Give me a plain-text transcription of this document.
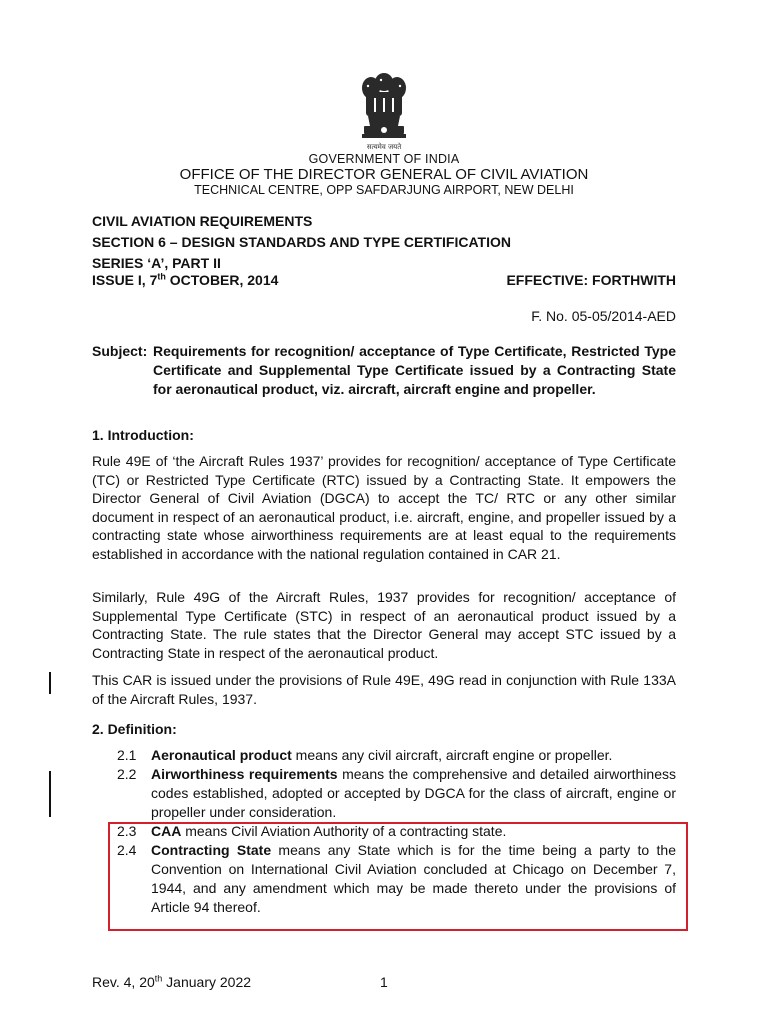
सत्यमेव जयते
GOVERNMENT OF INDIA
OFFICE OF THE DIRECTOR GENERAL OF CIVIL AVIATION
TECHNICAL CENTRE, OPP SAFDARJUNG AIRPORT, NEW DELHI
CIVIL AVIATION REQUIREMENTS
SECTION 6 – DESIGN STANDARDS AND TYPE CERTIFICATION
SERIES ‘A’, PART II
ISSUE I, 7th OCTOBER, 2014	EFFECTIVE: FORTHWITH
F. No. 05-05/2014-AED
Subject: Requirements for recognition/ acceptance of Type Certificate, Restricted Type Certificate and Supplemental Type Certificate issued by a Contracting State for aeronautical product, viz. aircraft, aircraft engine and propeller.
1. Introduction:
Rule 49E of ‘the Aircraft Rules 1937’ provides for recognition/ acceptance of Type Certificate (TC) or Restricted Type Certificate (RTC) issued by a Contracting State. It empowers the Director General of Civil Aviation (DGCA) to accept the TC/ RTC or any other similar document in respect of an aeronautical product, i.e. aircraft, engine, and propeller issued by a contracting state whose airworthiness requirements are at least equal to the requirements established in accordance with the national regulation contained in CAR 21.
Similarly, Rule 49G of the Aircraft Rules, 1937 provides for recognition/ acceptance of Supplemental Type Certificate (STC) in respect of an aeronautical product issued by a Contracting State. The rule states that the Director General may accept STC issued by a Contracting State in respect of the aeronautical product.
This CAR is issued under the provisions of Rule 49E, 49G read in conjunction with Rule 133A of the Aircraft Rules, 1937.
2. Definition:
2.1	Aeronautical product means any civil aircraft, aircraft engine or propeller.
2.2	Airworthiness requirements means the comprehensive and detailed airworthiness codes established, adopted or accepted by DGCA for the class of aircraft, engine or propeller under consideration.
2.3	CAA means Civil Aviation Authority of a contracting state.
2.4	Contracting State means any State which is for the time being a party to the Convention on International Civil Aviation concluded at Chicago on December 7, 1944, and any amendment which may be made thereto under the provisions of Article 94 thereof.
Rev. 4, 20th January 2022	1
